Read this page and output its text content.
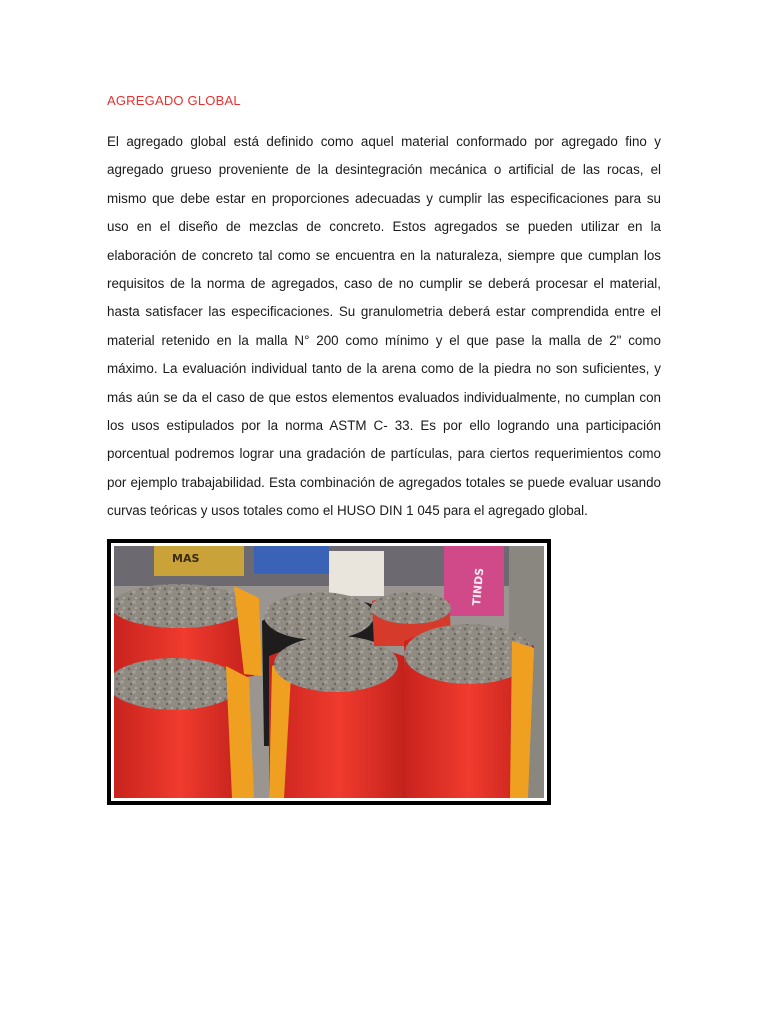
AGREGADO GLOBAL

El agregado global está definido como aquel material conformado por agregado fino y agregado grueso proveniente de la desintegración mecánica o artificial de las rocas, el mismo que debe estar en proporciones adecuadas y cumplir las especificaciones para su uso en el diseño de mezclas de concreto. Estos agregados se pueden utilizar en la elaboración de concreto tal como se encuentra en la naturaleza, siempre que cumplan los requisitos de la norma de agregados, caso de no cumplir se deberá procesar el material, hasta satisfacer las especificaciones. Su granulometria deberá estar comprendida entre el material retenido en la malla N° 200 como mínimo y el que pase la malla de 2" como máximo. La evaluación individual tanto de la arena como de la piedra no son suficientes, y más aún se da el caso de que estos elementos evaluados individualmente, no cumplan con los usos estipulados por la norma ASTM C- 33. Es por ello logrando una participación porcentual podremos lograr una gradación de partículas, para ciertos requerimientos como por ejemplo trabajabilidad. Esta combinación de agregados totales se puede evaluar usando curvas teóricas y usos totales como el HUSO DIN 1 045 para el agregado global.

TINDS
MAS
